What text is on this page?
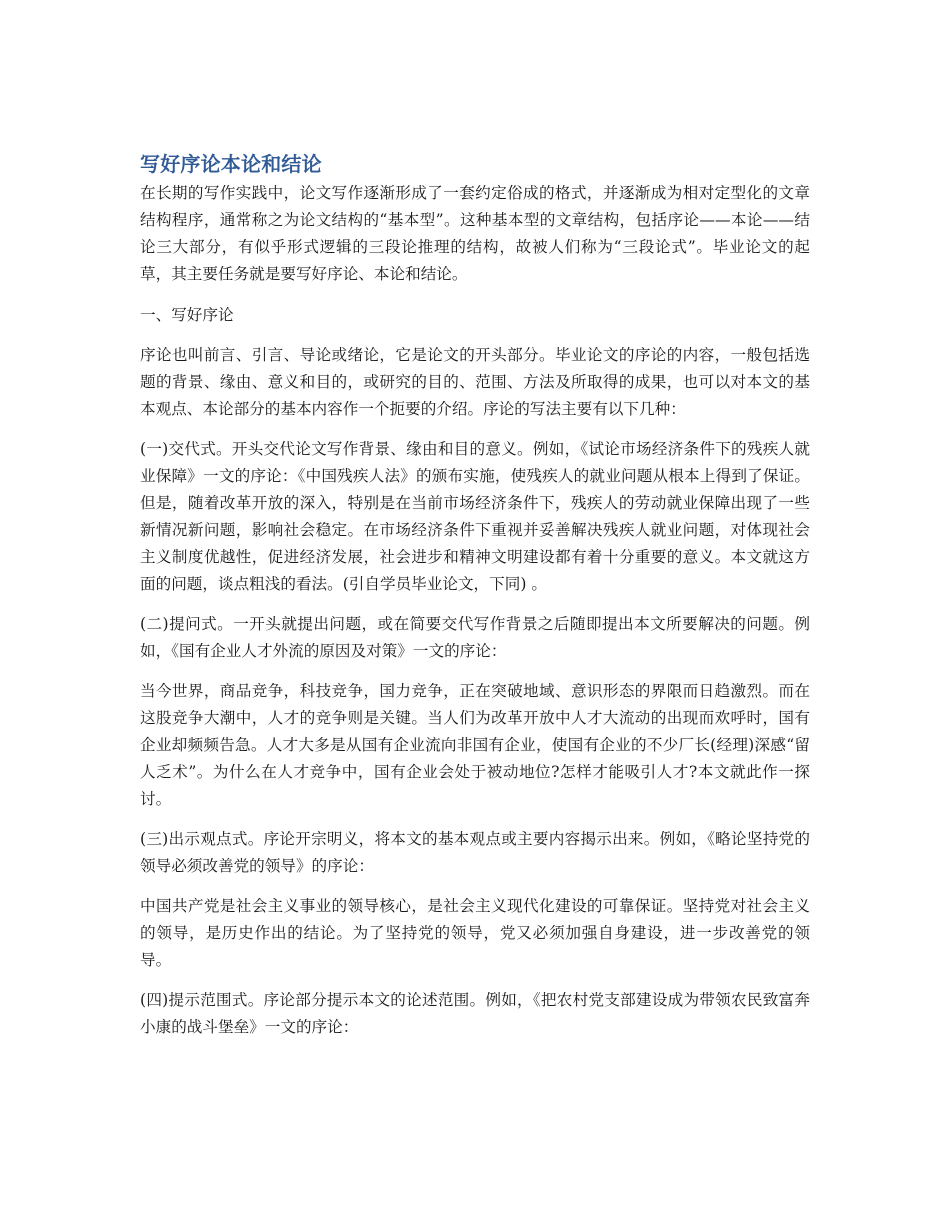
写好序论本论和结论

在长期的写作实践中，论文写作逐渐形成了一套约定俗成的格式，并逐渐成为相对定型化的文章结构程序，通常称之为论文结构的“基本型”。这种基本型的文章结构，包括序论——本论——结论三大部分，有似乎形式逻辑的三段论推理的结构，故被人们称为“三段论式”。毕业论文的起草，其主要任务就是要写好序论、本论和结论。

一、写好序论

序论也叫前言、引言、导论或绪论，它是论文的开头部分。毕业论文的序论的内容，一般包括选题的背景、缘由、意义和目的，或研究的目的、范围、方法及所取得的成果，也可以对本文的基本观点、本论部分的基本内容作一个扼要的介绍。序论的写法主要有以下几种：

(一)交代式。开头交代论文写作背景、缘由和目的意义。例如，《试论市场经济条件下的残疾人就业保障》一文的序论：《中国残疾人法》的颁布实施，使残疾人的就业问题从根本上得到了保证。但是，随着改革开放的深入，特别是在当前市场经济条件下，残疾人的劳动就业保障出现了一些新情况新问题，影响社会稳定。在市场经济条件下重视并妥善解决残疾人就业问题，对体现社会主义制度优越性，促进经济发展，社会进步和精神文明建设都有着十分重要的意义。本文就这方面的问题，谈点粗浅的看法。(引自学员毕业论文，下同) 。

(二)提问式。一开头就提出问题，或在简要交代写作背景之后随即提出本文所要解决的问题。例如，《国有企业人才外流的原因及对策》一文的序论：

当今世界，商品竞争，科技竞争，国力竞争，正在突破地域、意识形态的界限而日趋激烈。而在这股竞争大潮中，人才的竞争则是关键。当人们为改革开放中人才大流动的出现而欢呼时，国有企业却频频告急。人才大多是从国有企业流向非国有企业，使国有企业的不少厂长(经理)深感“留人乏术”。为什么在人才竞争中，国有企业会处于被动地位?怎样才能吸引人才?本文就此作一探讨。

(三)出示观点式。序论开宗明义，将本文的基本观点或主要内容揭示出来。例如，《略论坚持党的领导必须改善党的领导》的序论：

中国共产党是社会主义事业的领导核心，是社会主义现代化建设的可靠保证。坚持党对社会主义的领导，是历史作出的结论。为了坚持党的领导，党又必须加强自身建设，进一步改善党的领导。

(四)提示范围式。序论部分提示本文的论述范围。例如，《把农村党支部建设成为带领农民致富奔小康的战斗堡垒》一文的序论：
